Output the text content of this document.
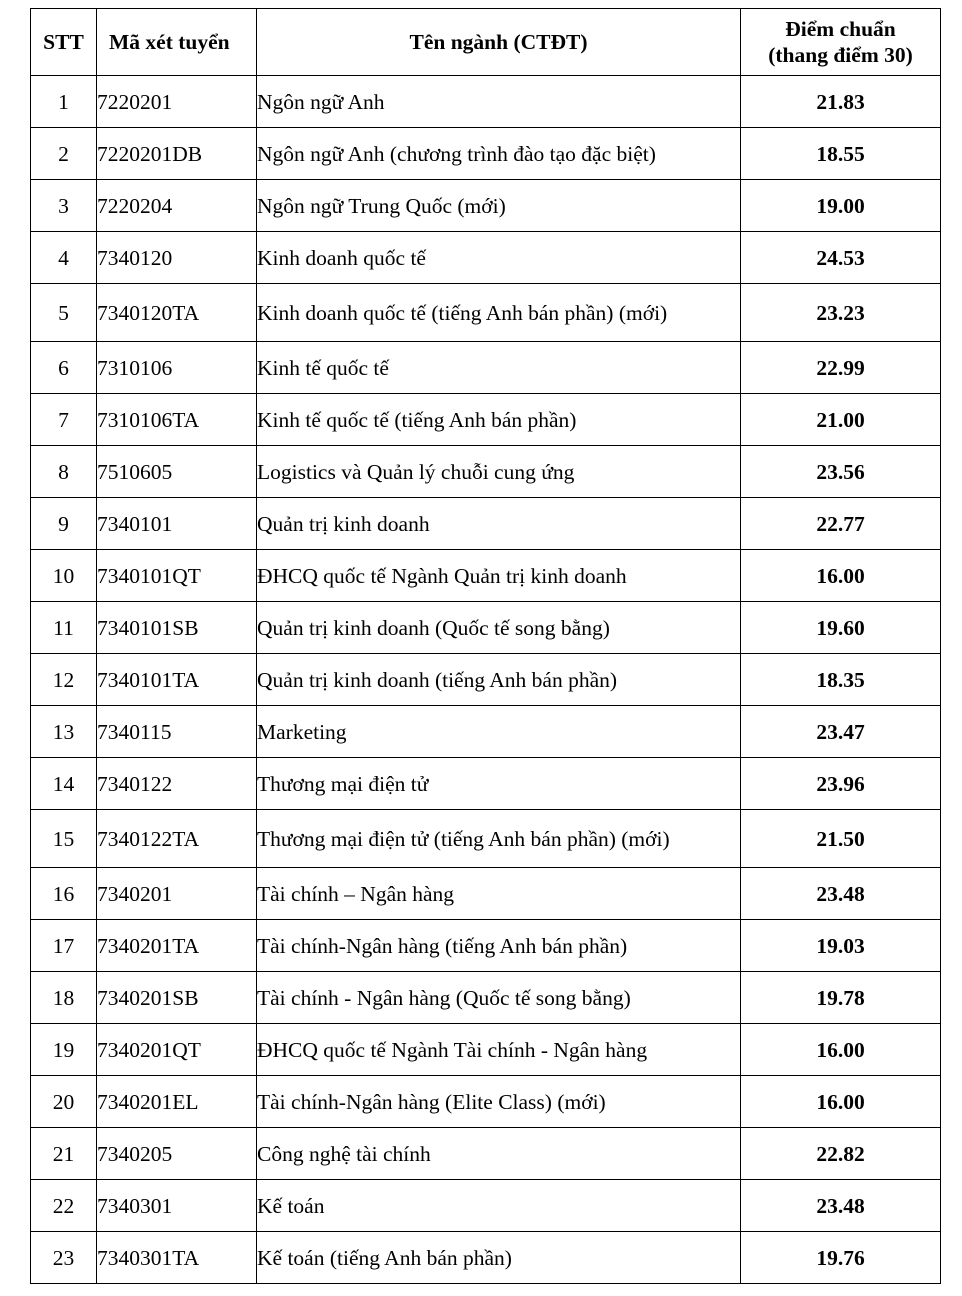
STT	Mã xét tuyển	Tên ngành (CTĐT)	Điểm chuẩn
(thang điểm 30)
1	7220201	Ngôn ngữ Anh	21.83
2	7220201DB	Ngôn ngữ Anh (chương trình đào tạo đặc biệt)	18.55
3	7220204	Ngôn ngữ Trung Quốc (mới)	19.00
4	7340120	Kinh doanh quốc tế	24.53
5	7340120TA	Kinh doanh quốc tế (tiếng Anh bán phần) (mới)	23.23
6	7310106	Kinh tế quốc tế	22.99
7	7310106TA	Kinh tế quốc tế (tiếng Anh bán phần)	21.00
8	7510605	Logistics và Quản lý chuỗi cung ứng	23.56
9	7340101	Quản trị kinh doanh	22.77
10	7340101QT	ĐHCQ quốc tế Ngành Quản trị kinh doanh	16.00
11	7340101SB	Quản trị kinh doanh (Quốc tế song bằng)	19.60
12	7340101TA	Quản trị kinh doanh (tiếng Anh bán phần)	18.35
13	7340115	Marketing	23.47
14	7340122	Thương mại điện tử	23.96
15	7340122TA	Thương mại điện tử (tiếng Anh bán phần) (mới)	21.50
16	7340201	Tài chính – Ngân hàng	23.48
17	7340201TA	Tài chính-Ngân hàng (tiếng Anh bán phần)	19.03
18	7340201SB	Tài chính - Ngân hàng (Quốc tế song bằng)	19.78
19	7340201QT	ĐHCQ quốc tế Ngành Tài chính - Ngân hàng	16.00
20	7340201EL	Tài chính-Ngân hàng (Elite Class) (mới)	16.00
21	7340205	Công nghệ tài chính	22.82
22	7340301	Kế toán	23.48
23	7340301TA	Kế toán (tiếng Anh bán phần)	19.76
